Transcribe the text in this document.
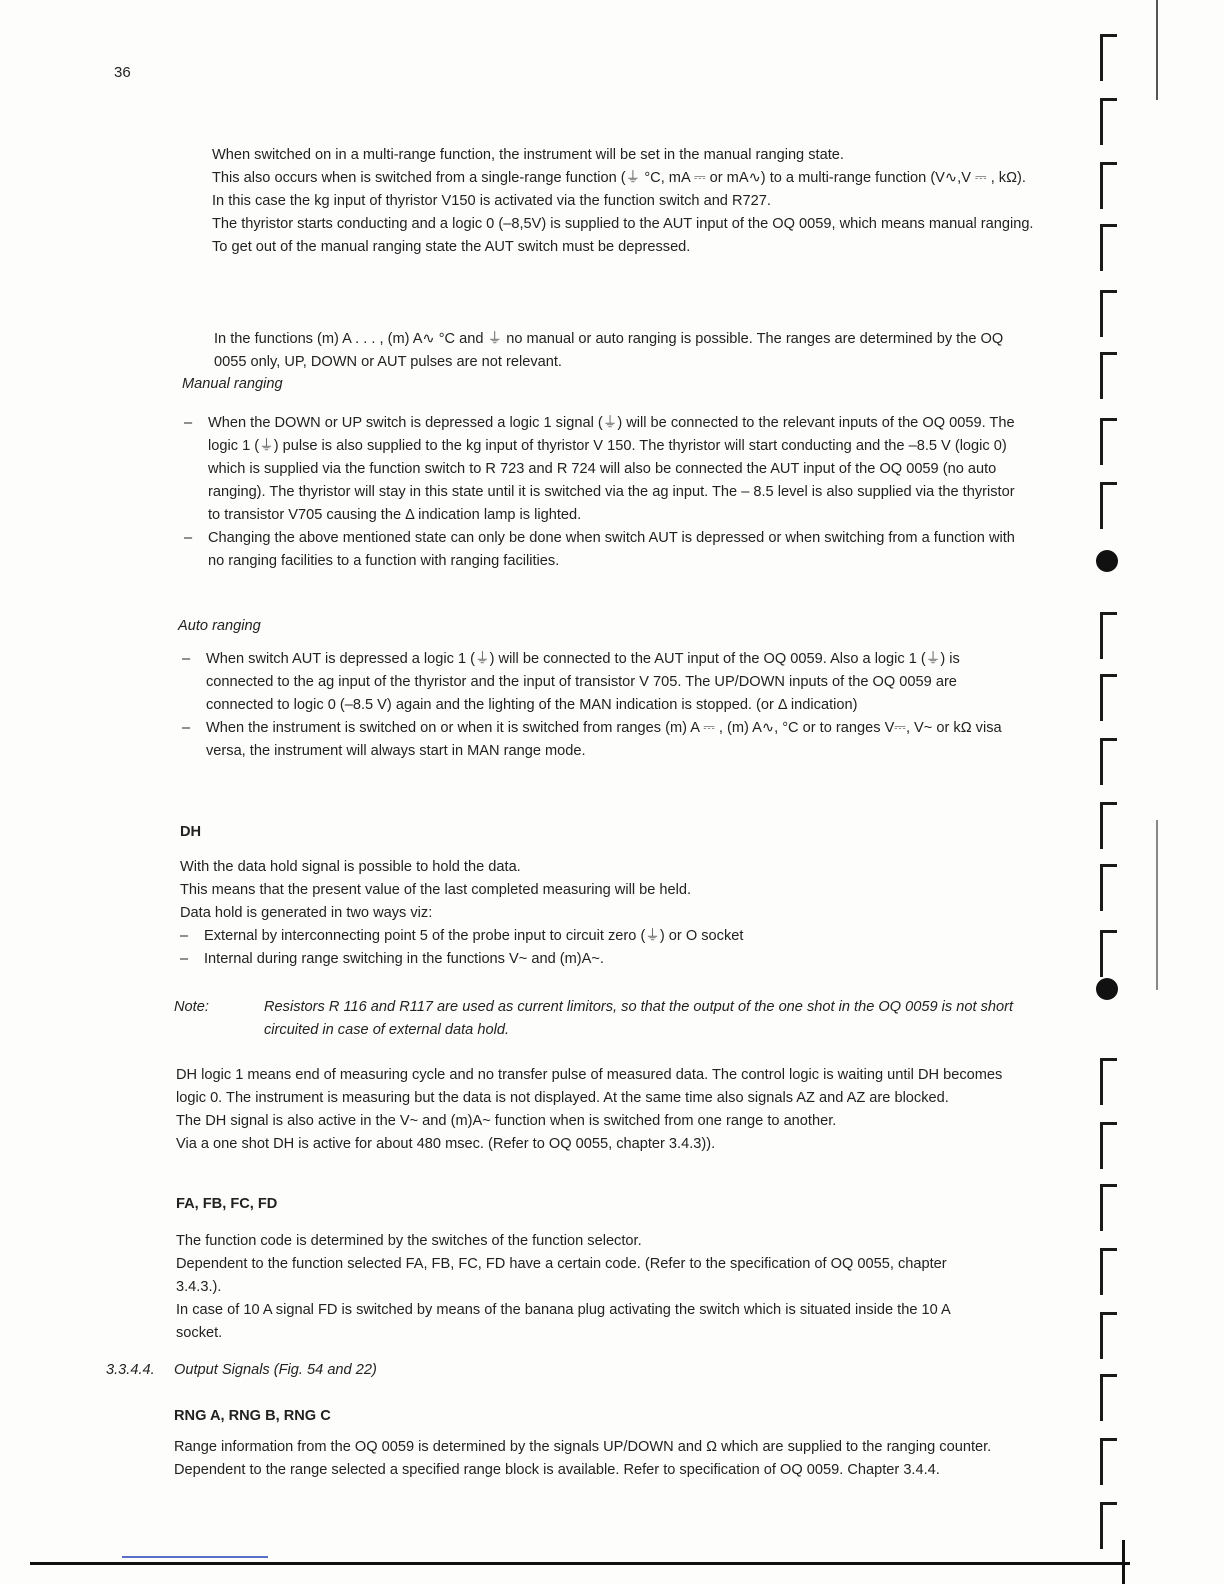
36

When switched on in a multi-range function, the instrument will be set in the manual ranging state.

This also occurs when is switched from a single-range function (⏚ °C, mA ⎓ or mA∿) to a multi-range function (V∿,V ⎓ , kΩ).

In this case the kg input of thyristor V150 is activated via the function switch and R727.

The thyristor starts conducting and a logic 0 (–8,5V) is supplied to the AUT input of the OQ 0059, which means manual ranging.

To get out of the manual ranging state the AUT switch must be depressed.

In the functions (m) A . . . , (m) A∿ °C and ⏚ no manual or auto ranging is possible. The ranges are determined by the OQ 0055 only, UP, DOWN or AUT pulses are not relevant.

Manual ranging
– When the DOWN or UP switch is depressed a logic 1 signal (⏚) will be connected to the relevant inputs of the OQ 0059. The logic 1 (⏚) pulse is also supplied to the kg input of thyristor V 150. The thyristor will start conducting and the –8.5 V (logic 0) which is supplied via the function switch to R 723 and R 724 will also be connected the AUT input of the OQ 0059 (no auto ranging). The thyristor will stay in this state until it is switched via the ag input. The – 8.5 level is also supplied via the thyristor to transistor V705 causing the Δ indication lamp is lighted.

– Changing the above mentioned state can only be done when switch AUT is depressed or when switching from a function with no ranging facilities to a function with ranging facilities.

Auto ranging
– When switch AUT is depressed a logic 1 (⏚) will be connected to the AUT input of the OQ 0059. Also a logic 1 (⏚) is connected to the ag input of the thyristor and the input of transistor V 705. The UP/DOWN inputs of the OQ 0059 are connected to logic 0 (–8.5 V) again and the lighting of the MAN indication is stopped. (or Δ indication)

– When the instrument is switched on or when it is switched from ranges (m) A ⎓ , (m) A∿, °C or to ranges V⎓, V~ or kΩ visa versa, the instrument will always start in MAN range mode.

DH

With the data hold signal is possible to hold the data.

This means that the present value of the last completed measuring will be held.

Data hold is generated in two ways viz:

– External by interconnecting point 5 of the probe input to circuit zero (⏚) or O socket

– Internal during range switching in the functions V~ and (m)A~.

Note:	Resistors R 116 and R117 are used as current limitors, so that the output of the one shot in the OQ 0059 is not short circuited in case of external data hold.

DH logic 1 means end of measuring cycle and no transfer pulse of measured data. The control logic is waiting until DH becomes logic 0. The instrument is measuring but the data is not displayed. At the same time also signals AZ and AZ are blocked.

The DH signal is also active in the V~ and (m)A~ function when is switched from one range to another.

Via a one shot DH is active for about 480 msec. (Refer to OQ 0055, chapter 3.4.3)).

FA, FB, FC, FD

The function code is determined by the switches of the function selector.

Dependent to the function selected FA, FB, FC, FD have a certain code. (Refer to the specification of OQ 0055, chapter 3.4.3.).

In case of 10 A signal FD is switched by means of the banana plug activating the switch which is situated inside the 10 A socket.

3.3.4.4. Output Signals (Fig. 54 and 22)
RNG A, RNG B, RNG C

Range information from the OQ 0059 is determined by the signals UP/DOWN and Ω which are supplied to the ranging counter.

Dependent to the range selected a specified range block is available. Refer to specification of OQ 0059. Chapter 3.4.4.
